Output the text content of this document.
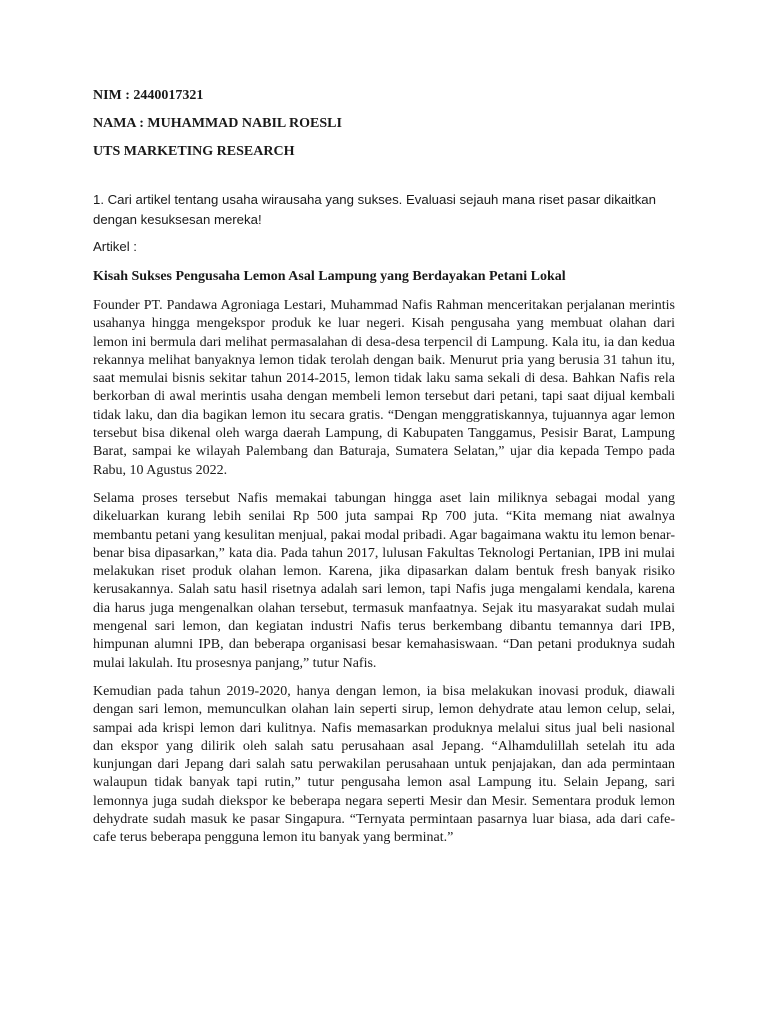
NIM : 2440017321
NAMA : MUHAMMAD NABIL ROESLI
UTS MARKETING RESEARCH
1. Cari artikel tentang usaha wirausaha yang sukses. Evaluasi sejauh mana riset pasar dikaitkan dengan kesuksesan mereka!
Artikel :
Kisah Sukses Pengusaha Lemon Asal Lampung yang Berdayakan Petani Lokal

Founder PT. Pandawa Agroniaga Lestari, Muhammad Nafis Rahman menceritakan perjalanan merintis usahanya hingga mengekspor produk ke luar negeri. Kisah pengusaha yang membuat olahan dari lemon ini bermula dari melihat permasalahan di desa-desa terpencil di Lampung. Kala itu, ia dan kedua rekannya melihat banyaknya lemon tidak terolah dengan baik. Menurut pria yang berusia 31 tahun itu, saat memulai bisnis sekitar tahun 2014-2015, lemon tidak laku sama sekali di desa. Bahkan Nafis rela berkorban di awal merintis usaha dengan membeli lemon tersebut dari petani, tapi saat dijual kembali tidak laku, dan dia bagikan lemon itu secara gratis. “Dengan menggratiskannya, tujuannya agar lemon tersebut bisa dikenal oleh warga daerah Lampung, di Kabupaten Tanggamus, Pesisir Barat, Lampung Barat, sampai ke wilayah Palembang dan Baturaja, Sumatera Selatan,” ujar dia kepada Tempo pada Rabu, 10 Agustus 2022.

Selama proses tersebut Nafis memakai tabungan hingga aset lain miliknya sebagai modal yang dikeluarkan kurang lebih senilai Rp 500 juta sampai Rp 700 juta. “Kita memang niat awalnya membantu petani yang kesulitan menjual, pakai modal pribadi. Agar bagaimana waktu itu lemon benar-benar bisa dipasarkan,” kata dia. Pada tahun 2017, lulusan Fakultas Teknologi Pertanian, IPB ini mulai melakukan riset produk olahan lemon. Karena, jika dipasarkan dalam bentuk fresh banyak risiko kerusakannya. Salah satu hasil risetnya adalah sari lemon, tapi Nafis juga mengalami kendala, karena dia harus juga mengenalkan olahan tersebut, termasuk manfaatnya. Sejak itu masyarakat sudah mulai mengenal sari lemon, dan kegiatan industri Nafis terus berkembang dibantu temannya dari IPB, himpunan alumni IPB, dan beberapa organisasi besar kemahasiswaan. “Dan petani produknya sudah mulai lakulah. Itu prosesnya panjang,” tutur Nafis.

Kemudian pada tahun 2019-2020, hanya dengan lemon, ia bisa melakukan inovasi produk, diawali dengan sari lemon, memunculkan olahan lain seperti sirup, lemon dehydrate atau lemon celup, selai, sampai ada krispi lemon dari kulitnya. Nafis memasarkan produknya melalui situs jual beli nasional dan ekspor yang dilirik oleh salah satu perusahaan asal Jepang. “Alhamdulillah setelah itu ada kunjungan dari Jepang dari salah satu perwakilan perusahaan untuk penjajakan, dan ada permintaan walaupun tidak banyak tapi rutin,” tutur pengusaha lemon asal Lampung itu. Selain Jepang, sari lemonnya juga sudah diekspor ke beberapa negara seperti Mesir dan Mesir. Sementara produk lemon dehydrate sudah masuk ke pasar Singapura. “Ternyata permintaan pasarnya luar biasa, ada dari cafe-cafe terus beberapa pengguna lemon itu banyak yang berminat.”
